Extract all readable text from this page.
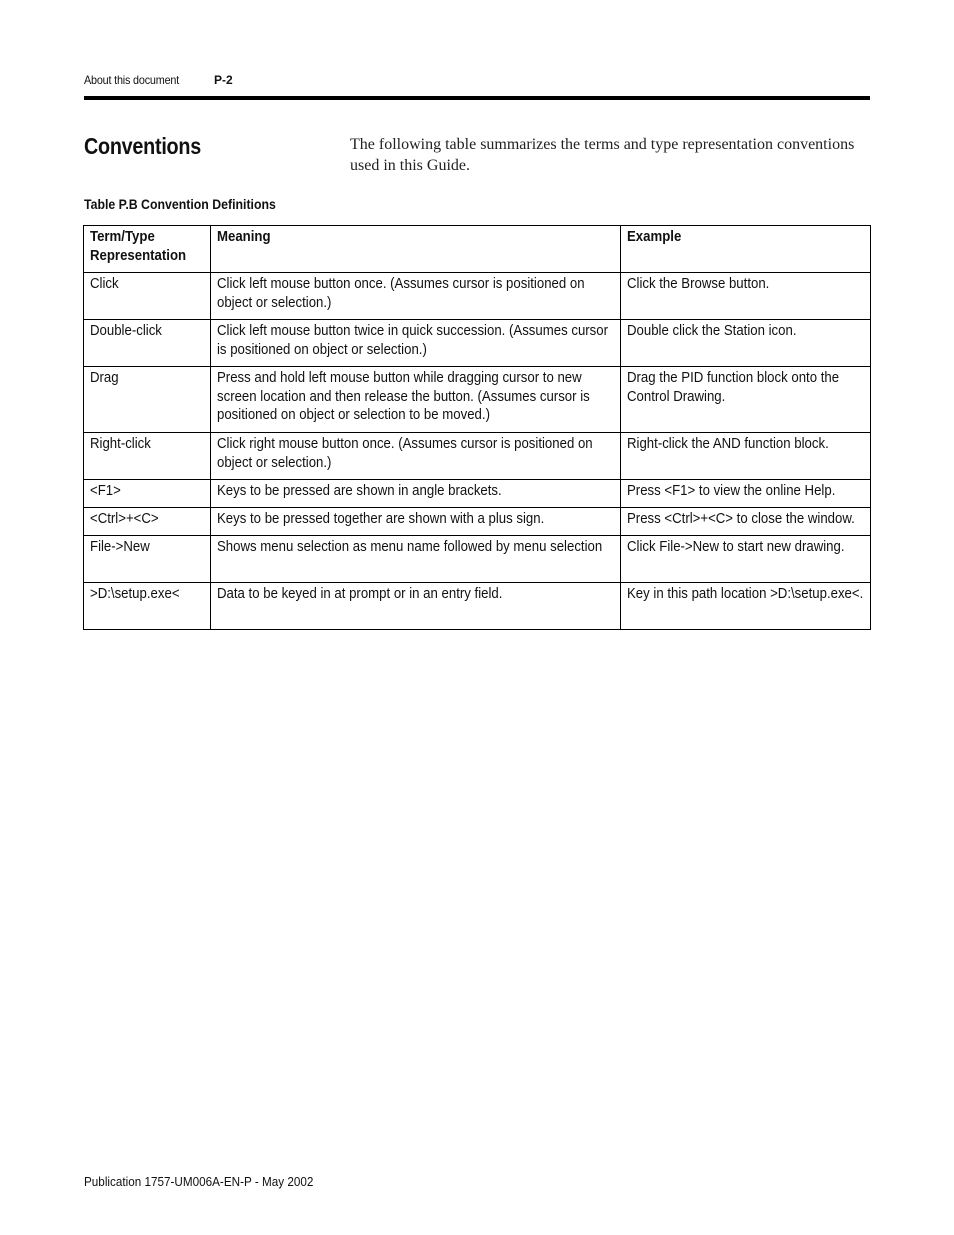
About this document	P-2
Conventions	The following table summarizes the terms and type representation conventions used in this Guide.
Table P.B Convention Definitions
Term/Type Representation	Meaning	Example

Click	Click left mouse button once. (Assumes cursor is positioned on object or selection.)	Click the Browse button.

Double-click	Click left mouse button twice in quick succession. (Assumes cursor is positioned on object or selection.)	Double click the Station icon.

Drag	Press and hold left mouse button while dragging cursor to new screen location and then release the button. (Assumes cursor is positioned on object or selection to be moved.)	Drag the PID function block onto the Control Drawing.

Right-click	Click right mouse button once. (Assumes cursor is positioned on object or selection.)	Right-click the AND function block.

<F1>	Keys to be pressed are shown in angle brackets.	Press <F1> to view the online Help.

<Ctrl>+<C>	Keys to be pressed together are shown with a plus sign.	Press <Ctrl>+<C> to close the window.

File->New	Shows menu selection as menu name followed by menu selection	Click File->New to start new drawing.

>D:\setup.exe<	Data to be keyed in at prompt or in an entry field.	Key in this path location >D:\setup.exe<.
Publication 1757-UM006A-EN-P - May 2002
